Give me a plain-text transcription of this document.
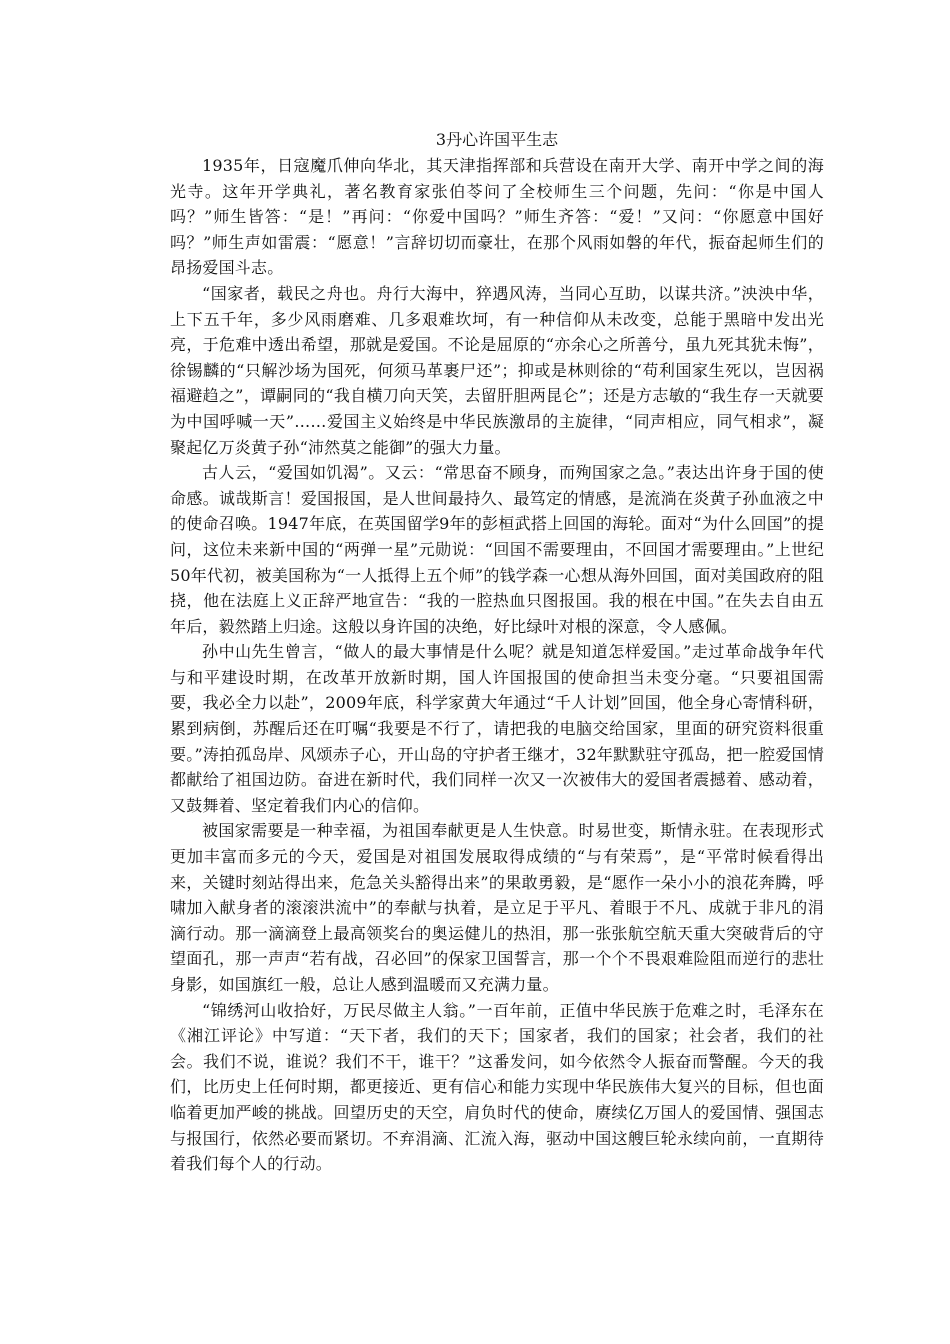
3丹心许国平生志

1935年，日寇魔爪伸向华北，其天津指挥部和兵营设在南开大学、南开中学之间的海光寺。这年开学典礼，著名教育家张伯苓问了全校师生三个问题，先问：“你是中国人吗？”师生皆答：“是！”再问：“你爱中国吗？”师生齐答：“爱！”又问：“你愿意中国好吗？”师生声如雷震：“愿意！”言辞切切而豪壮，在那个风雨如磐的年代，振奋起师生们的昂扬爱国斗志。

“国家者，载民之舟也。舟行大海中，猝遇风涛，当同心互助，以谋共济。”泱泱中华，上下五千年，多少风雨磨难、几多艰难坎坷，有一种信仰从未改变，总能于黑暗中发出光亮，于危难中透出希望，那就是爱国。不论是屈原的“亦余心之所善兮，虽九死其犹未悔”，徐锡麟的“只解沙场为国死，何须马革裹尸还”；抑或是林则徐的“苟利国家生死以，岂因祸福避趋之”，谭嗣同的“我自横刀向天笑，去留肝胆两昆仑”；还是方志敏的“我生存一天就要为中国呼喊一天”……爱国主义始终是中华民族激昂的主旋律，“同声相应，同气相求”，凝聚起亿万炎黄子孙“沛然莫之能御”的强大力量。

古人云，“爱国如饥渴”。又云：“常思奋不顾身，而殉国家之急。”表达出许身于国的使命感。诚哉斯言！爱国报国，是人世间最持久、最笃定的情感，是流淌在炎黄子孙血液之中的使命召唤。1947年底，在英国留学9年的彭桓武搭上回国的海轮。面对“为什么回国”的提问，这位未来新中国的“两弹一星”元勋说：“回国不需要理由，不回国才需要理由。”上世纪50年代初，被美国称为“一人抵得上五个师”的钱学森一心想从海外回国，面对美国政府的阻挠，他在法庭上义正辞严地宣告：“我的一腔热血只图报国。我的根在中国。”在失去自由五年后，毅然踏上归途。这般以身许国的决绝，好比绿叶对根的深意，令人感佩。

孙中山先生曾言，“做人的最大事情是什么呢？就是知道怎样爱国。”走过革命战争年代与和平建设时期，在改革开放新时期，国人许国报国的使命担当未变分毫。“只要祖国需要，我必全力以赴”，2009年底，科学家黄大年通过“千人计划”回国，他全身心寄情科研，累到病倒，苏醒后还在叮嘱“我要是不行了，请把我的电脑交给国家，里面的研究资料很重要。”涛拍孤岛岸、风颂赤子心，开山岛的守护者王继才，32年默默驻守孤岛，把一腔爱国情都献给了祖国边防。奋进在新时代，我们同样一次又一次被伟大的爱国者震撼着、感动着，又鼓舞着、坚定着我们内心的信仰。

被国家需要是一种幸福，为祖国奉献更是人生快意。时易世变，斯情永驻。在表现形式更加丰富而多元的今天，爱国是对祖国发展取得成绩的“与有荣焉”，是“平常时候看得出来，关键时刻站得出来，危急关头豁得出来”的果敢勇毅，是“愿作一朵小小的浪花奔腾，呼啸加入献身者的滚滚洪流中”的奉献与执着，是立足于平凡、着眼于不凡、成就于非凡的涓滴行动。那一滴滴登上最高领奖台的奥运健儿的热泪，那一张张航空航天重大突破背后的守望面孔，那一声声“若有战，召必回”的保家卫国誓言，那一个个不畏艰难险阻而逆行的悲壮身影，如国旗红一般，总让人感到温暖而又充满力量。

“锦绣河山收拾好，万民尽做主人翁。”一百年前，正值中华民族于危难之时，毛泽东在《湘江评论》中写道：“天下者，我们的天下；国家者，我们的国家；社会者，我们的社会。我们不说，谁说？我们不干，谁干？”这番发问，如今依然令人振奋而警醒。今天的我们，比历史上任何时期，都更接近、更有信心和能力实现中华民族伟大复兴的目标，但也面临着更加严峻的挑战。回望历史的天空，肩负时代的使命，赓续亿万国人的爱国情、强国志与报国行，依然必要而紧切。不弃涓滴、汇流入海，驱动中国这艘巨轮永续向前，一直期待着我们每个人的行动。
